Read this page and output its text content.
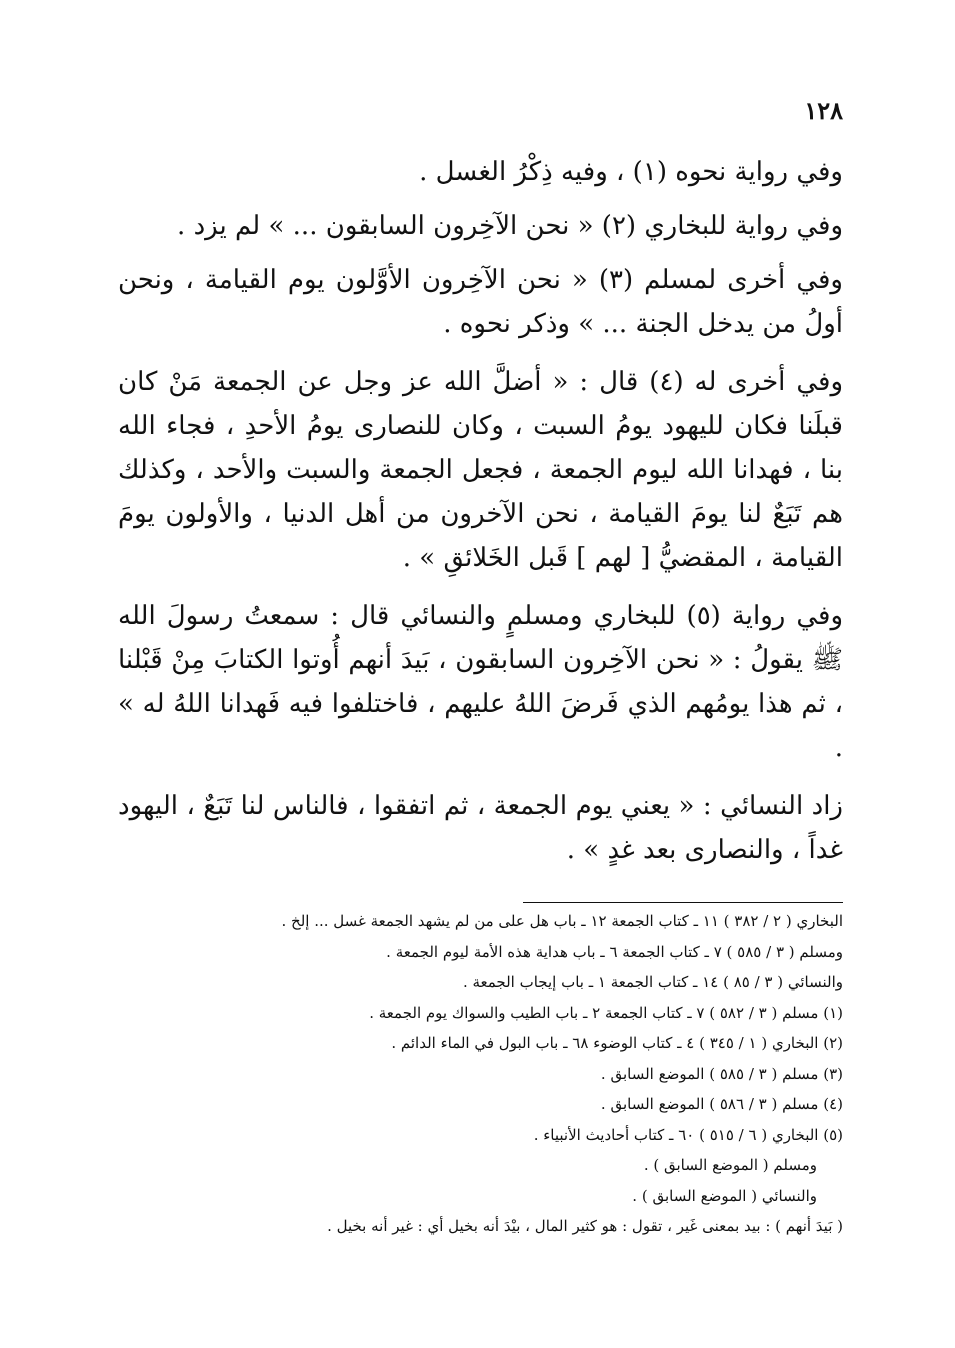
١٢٨

وفي رواية نحوه (١) ، وفيه ذِكْرُ الغسل .

وفي رواية للبخاري (٢) « نحن الآخِرون السابقون ... » لم يزد .

وفي أخرى لمسلم (٣) « نحن الآخِرون الأوَّلون يوم القيامة ، ونحن أولُ من يدخل الجنة ... » وذكر نحوه .

وفي أخرى له (٤) قال : « أضلَّ الله عز وجل عن الجمعة مَنْ كان قبلَنا فكان لليهود يومُ السبت ، وكان للنصارى يومُ الأحدِ ، فجاء الله بنا ، فهدانا الله ليوم الجمعة ، فجعل الجمعة والسبت والأحد ، وكذلك هم تَبَعٌ لنا يومَ القيامة ، نحن الآخرون من أهل الدنيا ، والأولون يومَ القيامة ، المقضيُّ [ لهم ] قَبل الخَلائقِ » .

وفي رواية (٥) للبخاري ومسلمٍ والنسائي قال : سمعتُ رسولَ الله ﷺ يقولُ : « نحن الآخِرون السابقون ، بَيدَ أنهم أُوتوا الكتابَ مِنْ قَبْلنا ، ثم هذا يومُهم الذي فَرضَ اللهُ عليهم ، فاختلفوا فيه فَهدانا اللهُ له » .

زاد النسائي : « يعني يوم الجمعة ، ثم اتفقوا ، فالناس لنا تَبَعٌ ، اليهود غداً ، والنصارى بعد غدٍ » .

البخاري ( ٢ / ٣٨٢ ) ١١ ـ كتاب الجمعة ١٢ ـ باب هل على من لم يشهد الجمعة غسل ... إلخ .
ومسلم ( ٣ / ٥٨٥ ) ٧ ـ كتاب الجمعة ٦ ـ باب هداية هذه الأمة ليوم الجمعة .
والنسائي ( ٣ / ٨٥ ) ١٤ ـ كتاب الجمعة ١ ـ باب إيجاب الجمعة .
(١) مسلم ( ٣ / ٥٨٢ ) ٧ ـ كتاب الجمعة ٢ ـ باب الطيب والسواك يوم الجمعة .
(٢) البخاري ( ١ / ٣٤٥ ) ٤ ـ كتاب الوضوء ٦٨ ـ باب البول في الماء الدائم .
(٣) مسلم ( ٣ / ٥٨٥ ) الموضع السابق .
(٤) مسلم ( ٣ / ٥٨٦ ) الموضع السابق .
(٥) البخاري ( ٦ / ٥١٥ ) ٦٠ ـ كتاب أحاديث الأنبياء .
ومسلم ( الموضع السابق ) .
والنسائي ( الموضع السابق ) .
( بَيدَ أنهم ) : بيد بمعنى غَير ، تقول : هو كثير المال ، بيْدَ أنه بخيل أي : غير أنه بخيل .
